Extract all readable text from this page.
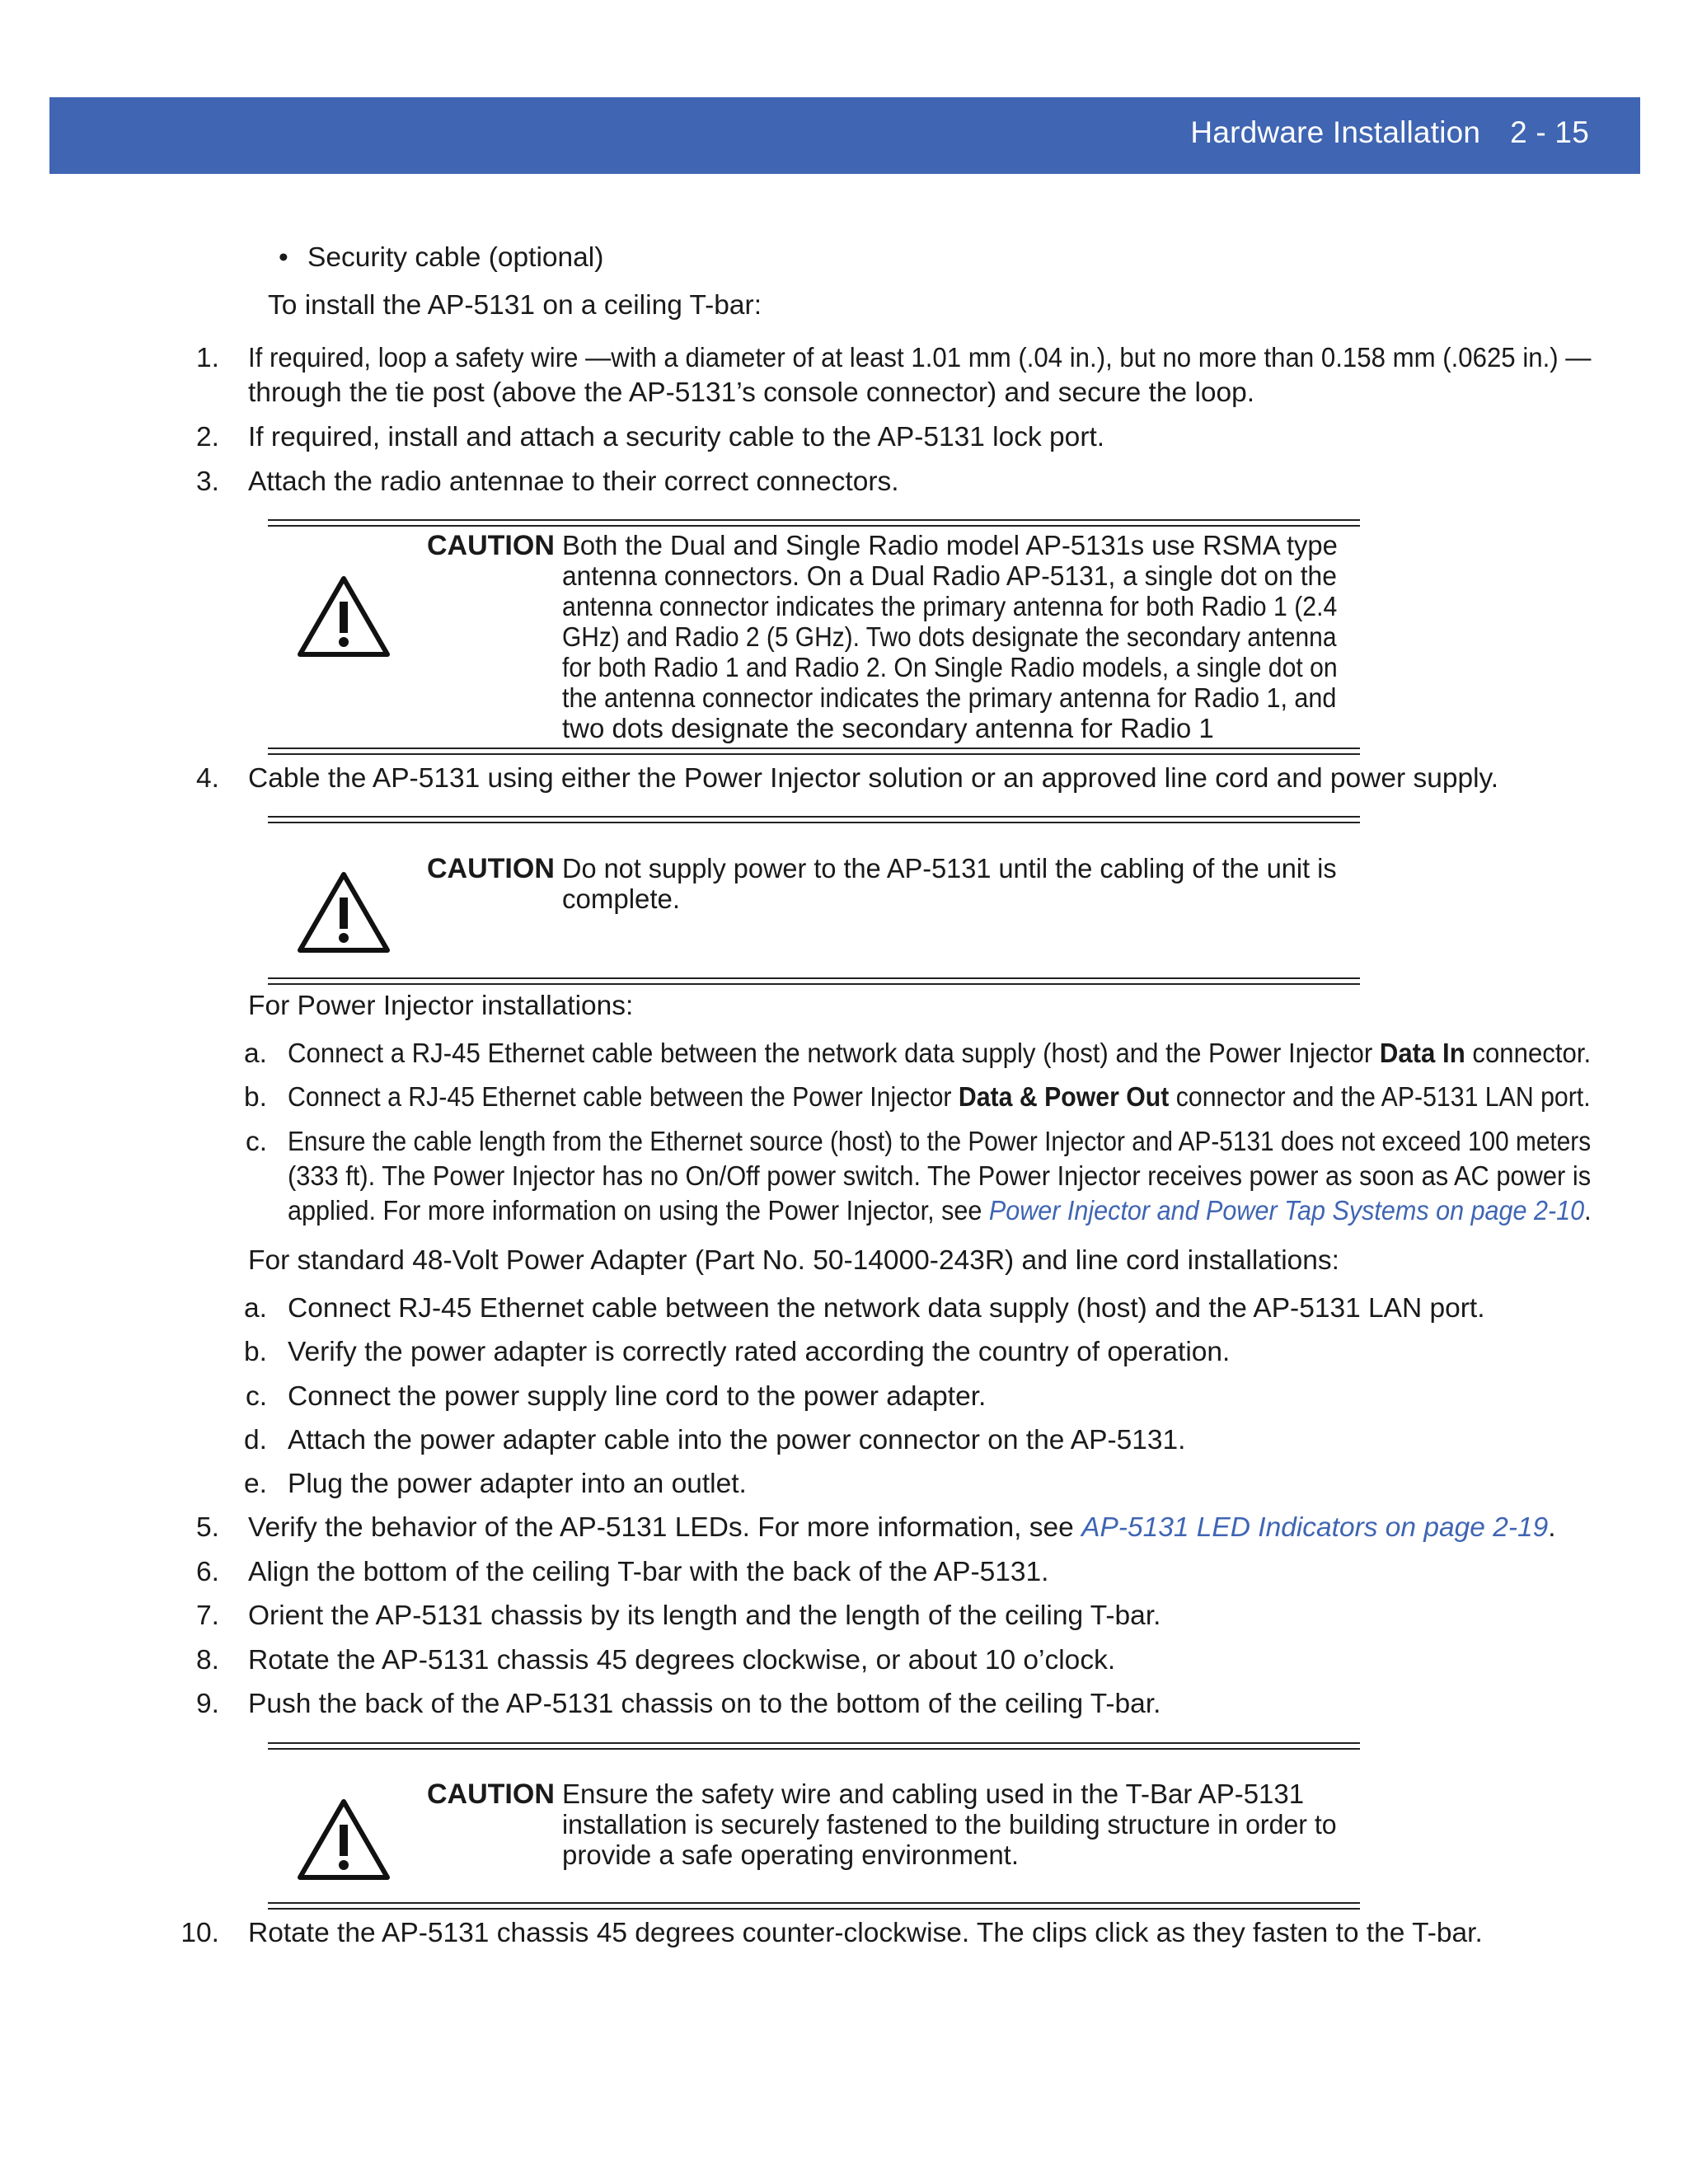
Hardware Installation 2 - 15
• Security cable (optional)
To install the AP-5131 on a ceiling T-bar:
1. If required, loop a safety wire —with a diameter of at least 1.01 mm (.04 in.), but no more than 0.158 mm (.0625 in.) —
through the tie post (above the AP-5131’s console connector) and secure the loop.
2. If required, install and attach a security cable to the AP-5131 lock port.
3. Attach the radio antennae to their correct connectors.
CAUTION Both the Dual and Single Radio model AP-5131s use RSMA type
antenna connectors. On a Dual Radio AP-5131, a single dot on the
antenna connector indicates the primary antenna for both Radio 1 (2.4
GHz) and Radio 2 (5 GHz). Two dots designate the secondary antenna
for both Radio 1 and Radio 2. On Single Radio models, a single dot on
the antenna connector indicates the primary antenna for Radio 1, and
two dots designate the secondary antenna for Radio 1
4. Cable the AP-5131 using either the Power Injector solution or an approved line cord and power supply.
CAUTION Do not supply power to the AP-5131 until the cabling of the unit is
complete.
For Power Injector installations:
a. Connect a RJ-45 Ethernet cable between the network data supply (host) and the Power Injector Data In connector.
b. Connect a RJ-45 Ethernet cable between the Power Injector Data & Power Out connector and the AP-5131 LAN port.
c. Ensure the cable length from the Ethernet source (host) to the Power Injector and AP-5131 does not exceed 100 meters
(333 ft). The Power Injector has no On/Off power switch. The Power Injector receives power as soon as AC power is
applied. For more information on using the Power Injector, see Power Injector and Power Tap Systems on page 2-10.
For standard 48-Volt Power Adapter (Part No. 50-14000-243R) and line cord installations:
a. Connect RJ-45 Ethernet cable between the network data supply (host) and the AP-5131 LAN port.
b. Verify the power adapter is correctly rated according the country of operation.
c. Connect the power supply line cord to the power adapter.
d. Attach the power adapter cable into the power connector on the AP-5131.
e. Plug the power adapter into an outlet.
5. Verify the behavior of the AP-5131 LEDs. For more information, see AP-5131 LED Indicators on page 2-19.
6. Align the bottom of the ceiling T-bar with the back of the AP-5131.
7. Orient the AP-5131 chassis by its length and the length of the ceiling T-bar.
8. Rotate the AP-5131 chassis 45 degrees clockwise, or about 10 o’clock.
9. Push the back of the AP-5131 chassis on to the bottom of the ceiling T-bar.
CAUTION Ensure the safety wire and cabling used in the T-Bar AP-5131
installation is securely fastened to the building structure in order to
provide a safe operating environment.
10. Rotate the AP-5131 chassis 45 degrees counter-clockwise. The clips click as they fasten to the T-bar.
